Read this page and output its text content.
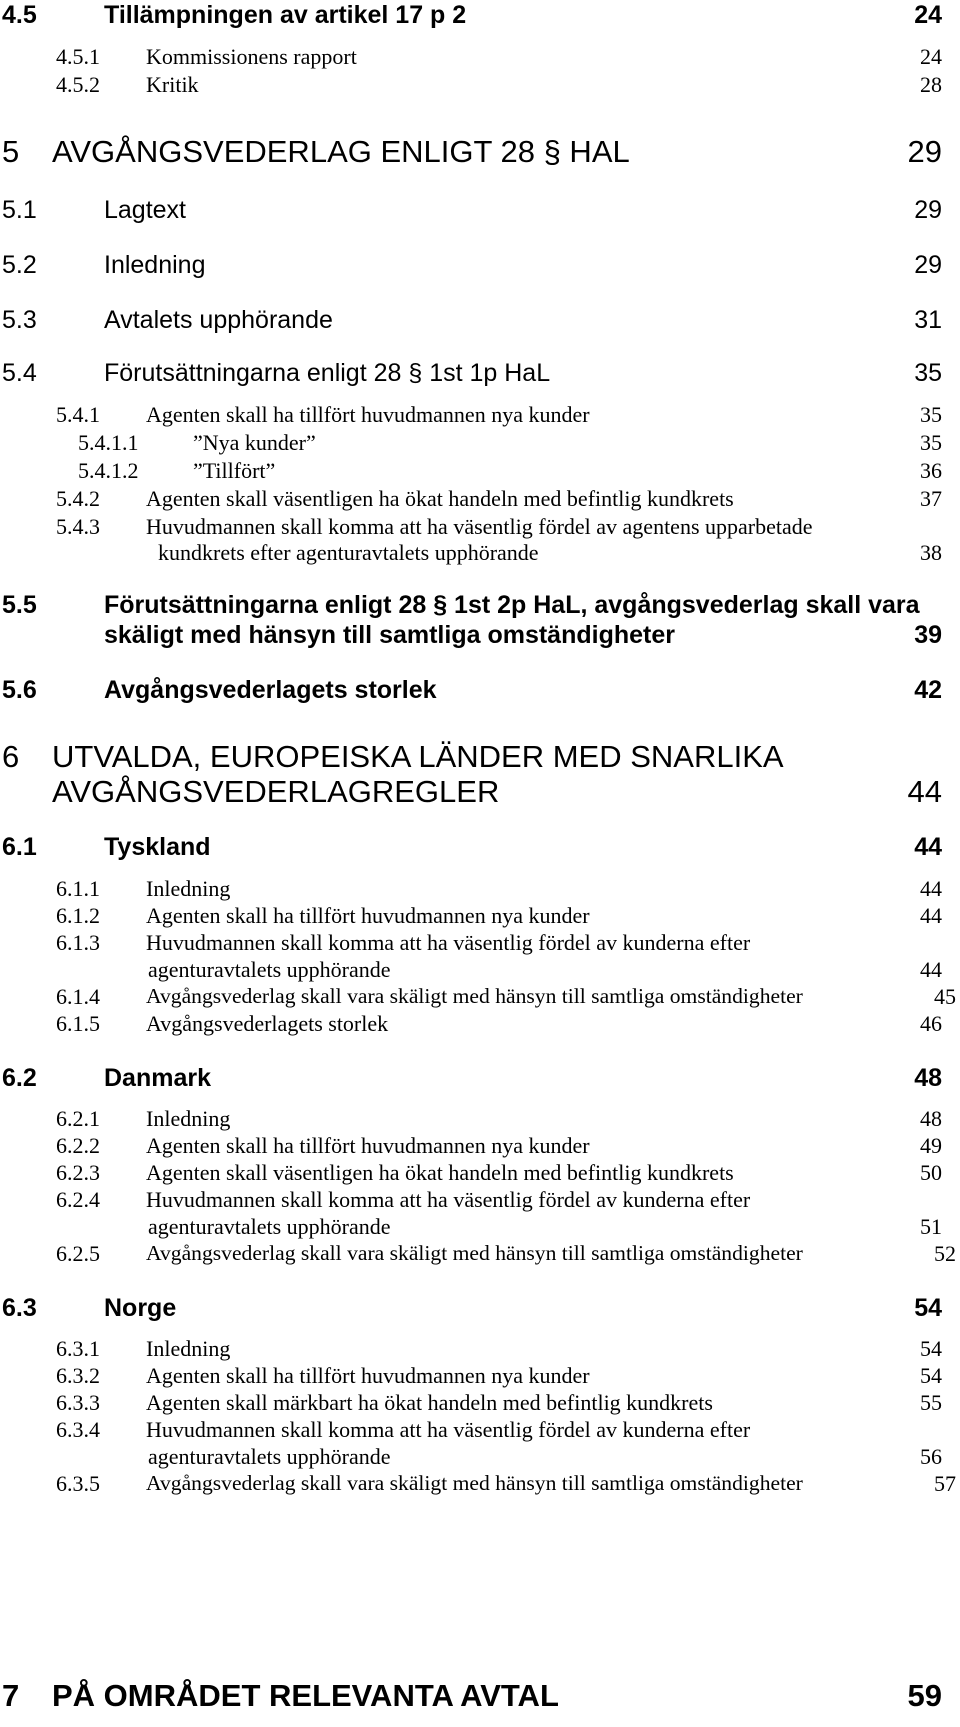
4.5	Tillämpningen av artikel 17 p 2	24
4.5.1 Kommissionens rapport	24
4.5.2 Kritik	28
5 AVGÅNGSVEDERLAG ENLIGT 28 § HAL	29
5.1	Lagtext	29
5.2	Inledning	29
5.3	Avtalets upphörande	31
5.4	Förutsättningarna enligt 28 § 1st 1p HaL	35
5.4.1 Agenten skall ha tillfört huvudmannen nya kunder	35
5.4.1.1 ”Nya kunder”	35
5.4.1.2 ”Tillfört”	36
5.4.2 Agenten skall väsentligen ha ökat handeln med befintlig kundkrets	37
5.4.3 Huvudmannen skall komma att ha väsentlig fördel av agentens upparbetade
kundkrets efter agenturavtalets upphörande	38
5.5	Förutsättningarna enligt 28 § 1st 2p HaL, avgångsvederlag skall vara
skäligt med hänsyn till samtliga omständigheter	39
5.6	Avgångsvederlagets storlek	42
6 UTVALDA, EUROPEISKA LÄNDER MED SNARLIKA
AVGÅNGSVEDERLAGREGLER	44
6.1	Tyskland	44
6.1.1 Inledning	44
6.1.2 Agenten skall ha tillfört huvudmannen nya kunder	44
6.1.3 Huvudmannen skall komma att ha väsentlig fördel av kunderna efter
agenturavtalets upphörande	44
6.1.4 Avgångsvederlag skall vara skäligt med hänsyn till samtliga omständigheter	45
6.1.5 Avgångsvederlagets storlek	46
6.2	Danmark	48
6.2.1 Inledning	48
6.2.2 Agenten skall ha tillfört huvudmannen nya kunder	49
6.2.3 Agenten skall väsentligen ha ökat handeln med befintlig kundkrets	50
6.2.4 Huvudmannen skall komma att ha väsentlig fördel av kunderna efter
agenturavtalets upphörande	51
6.2.5 Avgångsvederlag skall vara skäligt med hänsyn till samtliga omständigheter	52
6.3	Norge	54
6.3.1 Inledning	54
6.3.2 Agenten skall ha tillfört huvudmannen nya kunder	54
6.3.3 Agenten skall märkbart ha ökat handeln med befintlig kundkrets	55
6.3.4 Huvudmannen skall komma att ha väsentlig fördel av kunderna efter
agenturavtalets upphörande	56
6.3.5 Avgångsvederlag skall vara skäligt med hänsyn till samtliga omständigheter	57
7 PÅ OMRÅDET RELEVANTA AVTAL	59
